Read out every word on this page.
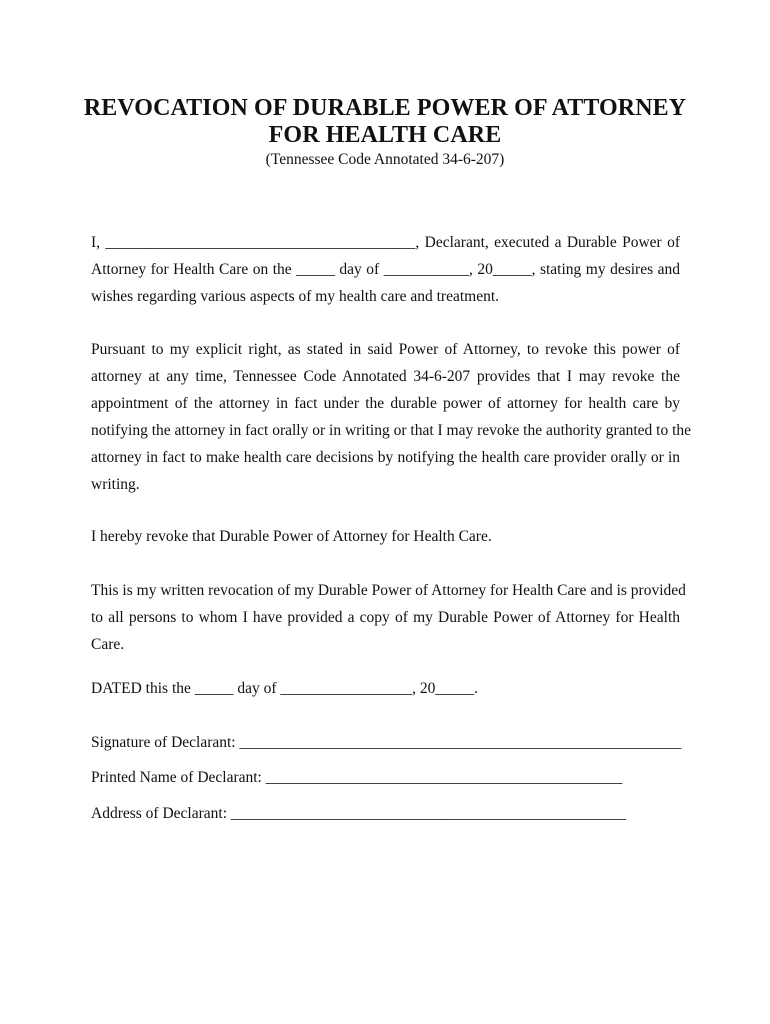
REVOCATION OF DURABLE POWER OF ATTORNEY
FOR HEALTH CARE
(Tennessee Code Annotated 34-6-207)
I, ________________________________________, Declarant, executed a Durable Power of
Attorney for Health Care on the _____ day of ___________, 20_____, stating my desires and
wishes regarding various aspects of my health care and treatment.
Pursuant to my explicit right, as stated in said Power of Attorney, to revoke this power of
attorney at any time, Tennessee Code Annotated 34-6-207 provides that I may revoke the
appointment of the attorney in fact under the durable power of attorney for health care by
notifying the attorney in fact orally or in writing or that I may revoke the authority granted to the
attorney in fact to make health care decisions by notifying the health care provider orally or in
writing.
I hereby revoke that Durable Power of Attorney for Health Care.
This is my written revocation of my Durable Power of Attorney for Health Care and is provided
to all persons to whom I have provided a copy of my Durable Power of Attorney for Health
Care.
DATED this the _____ day of _________________, 20_____.
Signature of Declarant: _________________________________________________________
Printed Name of Declarant: ______________________________________________
Address of Declarant: ___________________________________________________
